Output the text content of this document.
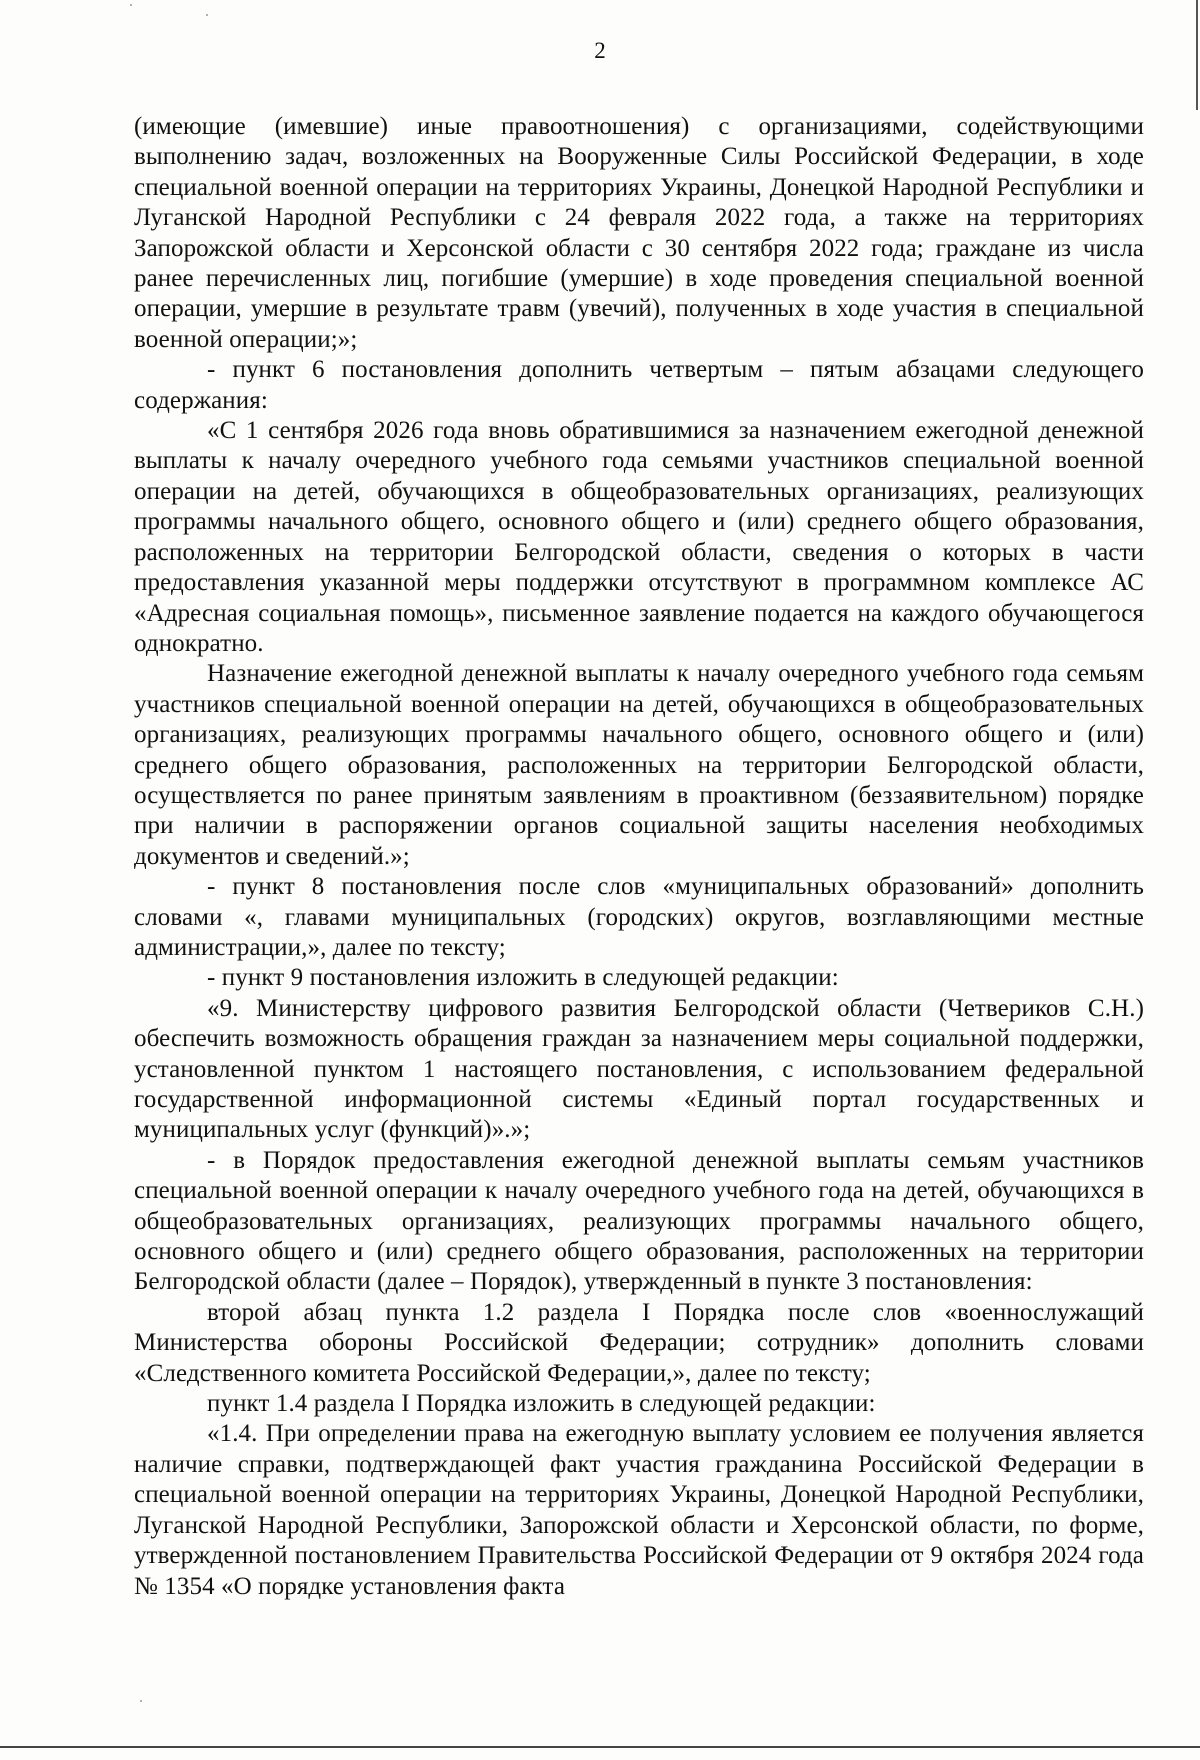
2

(имеющие (имевшие) иные правоотношения) с организациями, содействующими выполнению задач, возложенных на Вооруженные Силы Российской Федерации, в ходе специальной военной операции на территориях Украины, Донецкой Народной Республики и Луганской Народной Республики с 24 февраля 2022 года, а также на территориях Запорожской области и Херсонской области с 30 сентября 2022 года; граждане из числа ранее перечисленных лиц, погибшие (умершие) в ходе проведения специальной военной операции, умершие в результате травм (увечий), полученных в ходе участия в специальной военной операции;»;

- пункт 6 постановления дополнить четвертым – пятым абзацами следующего содержания:

«С 1 сентября 2026 года вновь обратившимися за назначением ежегодной денежной выплаты к началу очередного учебного года семьями участников специальной военной операции на детей, обучающихся в общеобразовательных организациях, реализующих программы начального общего, основного общего и (или) среднего общего образования, расположенных на территории Белгородской области, сведения о которых в части предоставления указанной меры поддержки отсутствуют в программном комплексе АС «Адресная социальная помощь», письменное заявление подается на каждого обучающегося однократно.

Назначение ежегодной денежной выплаты к началу очередного учебного года семьям участников специальной военной операции на детей, обучающихся в общеобразовательных организациях, реализующих программы начального общего, основного общего и (или) среднего общего образования, расположенных на территории Белгородской области, осуществляется по ранее принятым заявлениям в проактивном (беззаявительном) порядке при наличии в распоряжении органов социальной защиты населения необходимых документов и сведений.»;

- пункт 8 постановления после слов «муниципальных образований» дополнить словами «, главами муниципальных (городских) округов, возглавляющими местные администрации,», далее по тексту;

- пункт 9 постановления изложить в следующей редакции:

«9. Министерству цифрового развития Белгородской области (Четвериков С.Н.) обеспечить возможность обращения граждан за назначением меры социальной поддержки, установленной пунктом 1 настоящего постановления, с использованием федеральной государственной информационной системы «Единый портал государственных и муниципальных услуг (функций)».»;

- в Порядок предоставления ежегодной денежной выплаты семьям участников специальной военной операции к началу очередного учебного года на детей, обучающихся в общеобразовательных организациях, реализующих программы начального общего, основного общего и (или) среднего общего образования, расположенных на территории Белгородской области (далее – Порядок), утвержденный в пункте 3 постановления:

второй абзац пункта 1.2 раздела I Порядка после слов «военнослужащий Министерства обороны Российской Федерации; сотрудник» дополнить словами «Следственного комитета Российской Федерации,», далее по тексту;

пункт 1.4 раздела I Порядка изложить в следующей редакции:

«1.4. При определении права на ежегодную выплату условием ее получения является наличие справки, подтверждающей факт участия гражданина Российской Федерации в специальной военной операции на территориях Украины, Донецкой Народной Республики, Луганской Народной Республики, Запорожской области и Херсонской области, по форме, утвержденной постановлением Правительства Российской Федерации от 9 октября 2024 года № 1354 «О порядке установления факта
